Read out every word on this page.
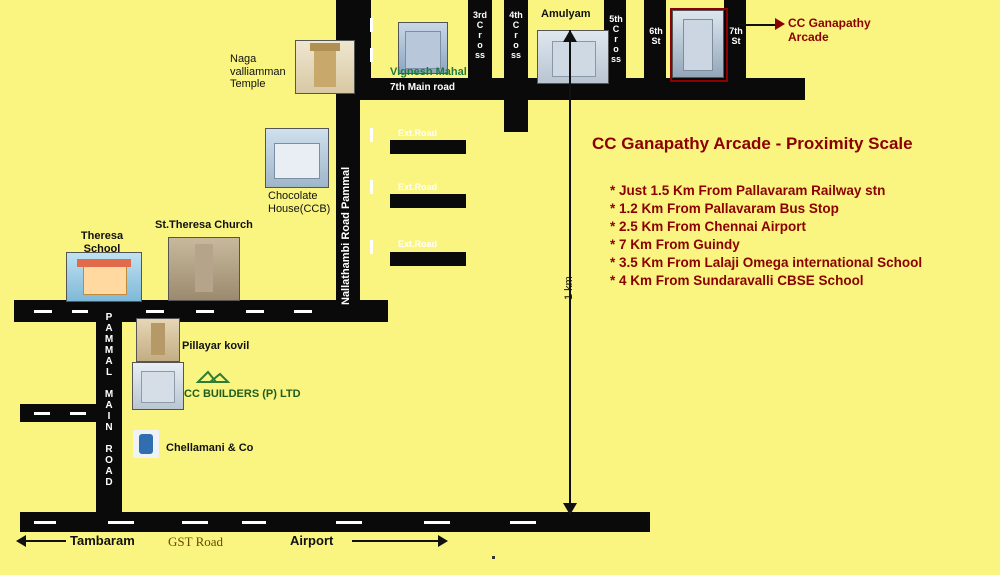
Naga valliamman Temple
Vignesh Mahal
Amulyam
Chocolate House(CCB)
St.Theresa Church
Theresa School
Pillayar kovil
CC BUILDERS (P) LTD
Chellamani & Co
7th Main road
Nallathambi Road Pammal
3rd
C
r
o
ss
4th
C
r
o
ss
5th
C
r
o
ss
6th
St
7th
St
Ext.Road
Ext.Road
Ext.Road
P
A
M
M
A
L

M
A
I
N

R
O
A
D
1 km
CC Ganapathy
Arcade
CC Ganapathy Arcade - Proximity Scale
* Just 1.5 Km From Pallavaram Railway stn
* 1.2 Km From Pallavaram Bus Stop
* 2.5 Km From Chennai Airport
* 7 Km From Guindy
* 3.5 Km From Lalaji Omega international School
* 4 Km From Sundaravalli CBSE School
Tambaram	GST Road	Airport
